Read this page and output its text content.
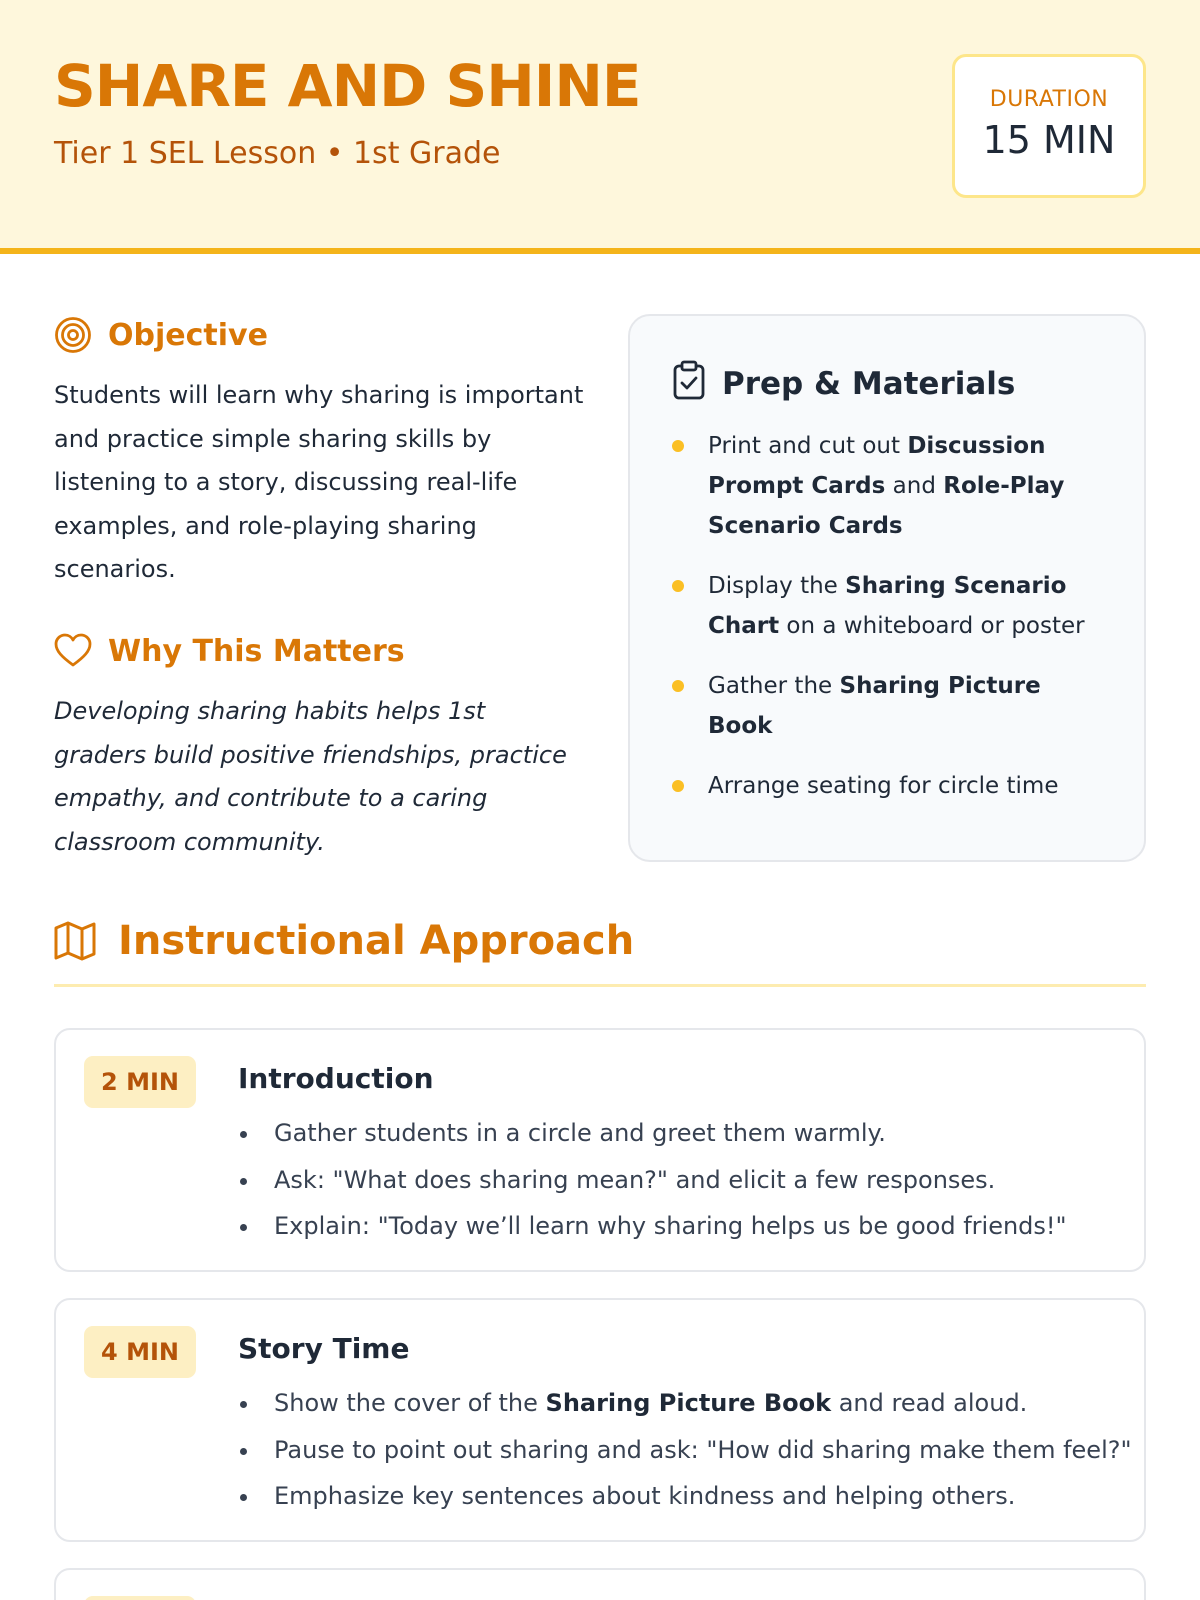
SHARE AND SHINE
Tier 1 SEL Lesson • 1st Grade
DURATION
15 MIN
Objective
Students will learn why sharing is important and practice simple sharing skills by listening to a story, discussing real-life examples, and role-playing sharing scenarios.
Why This Matters
Developing sharing habits helps 1st graders build positive friendships, practice empathy, and contribute to a caring classroom community.
Prep & Materials
Print and cut out Discussion Prompt Cards and Role-Play Scenario Cards
Display the Sharing Scenario Chart on a whiteboard or poster
Gather the Sharing Picture Book
Arrange seating for circle time
Instructional Approach
2 MIN	Introduction
Gather students in a circle and greet them warmly.
Ask: "What does sharing mean?" and elicit a few responses.
Explain: "Today we’ll learn why sharing helps us be good friends!"
4 MIN	Story Time
Show the cover of the Sharing Picture Book and read aloud.
Pause to point out sharing and ask: "How did sharing make them feel?"
Emphasize key sentences about kindness and helping others.
